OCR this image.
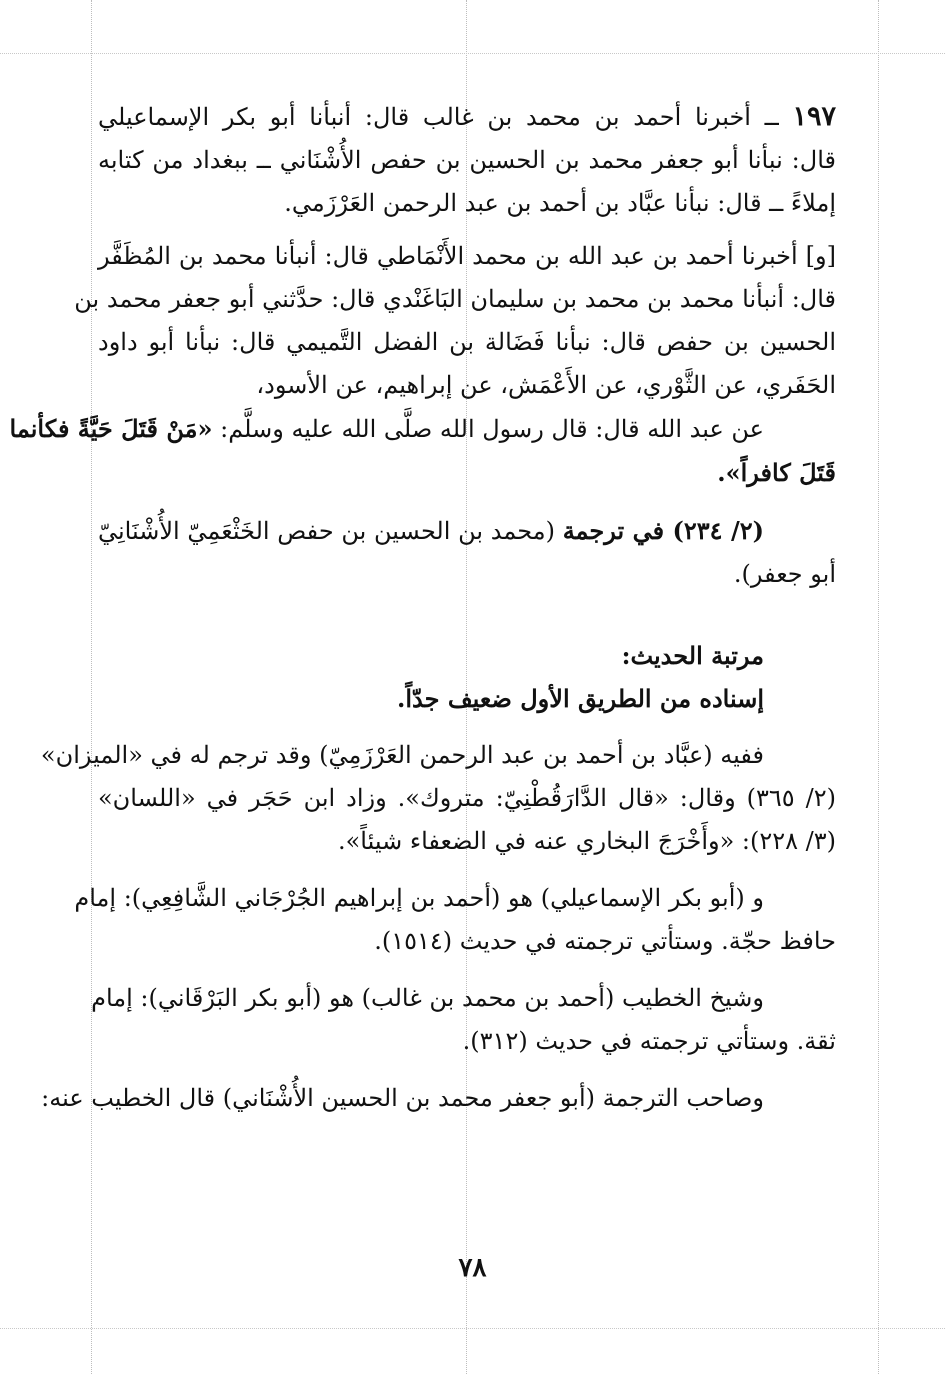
١٩٧ ــ أخبرنا أحمد بن محمد بن غالب قال: أنبأنا أبو بكر الإسماعيلي
قال: نبأنا أبو جعفر محمد بن الحسين بن حفص الأُشْنَاني ــ ببغداد من كتابه
إملاءً ــ قال: نبأنا عبَّاد بن أحمد بن عبد الرحمن العَرْزَمي.
[و] أخبرنا أحمد بن عبد الله بن محمد الأَنْمَاطي قال: أنبأنا محمد بن المُظَفَّر
قال: أنبأنا محمد بن محمد بن سليمان البَاغَنْدي قال: حدَّثني أبو جعفر محمد بن
الحسين بن حفص قال: نبأنا فَضَالة بن الفضل التَّميمي قال: نبأنا أبو داود
الحَفَري، عن الثَّوْري، عن الأَعْمَش، عن إبراهيم، عن الأسود،
عن عبد الله قال: قال رسول الله صلَّى الله عليه وسلَّم: «مَنْ قَتَلَ حَيَّةً فكأنما
قَتَلَ كافراً».
(٢/ ٢٣٤) في ترجمة (محمد بن الحسين بن حفص الخَثْعَمِيّ الأُشْنَانِيّ
أبو جعفر).
مرتبة الحديث:
إسناده من الطريق الأول ضعيف جدّاً.
ففيه (عبَّاد بن أحمد بن عبد الرحمن العَرْزَمِيّ) وقد ترجم له في «الميزان»
(٢/ ٣٦٥) وقال: «قال الدَّارَقُطْنِيّ: متروك». وزاد ابن حَجَر في «اللسان»
(٣/ ٢٢٨): «وأَخْرَجَ البخاري عنه في الضعفاء شيئاً».
و (أبو بكر الإسماعيلي) هو (أحمد بن إبراهيم الجُرْجَاني الشَّافِعِي): إمام
حافظ حجّة. وستأتي ترجمته في حديث (١٥١٤).
وشيخ الخطيب (أحمد بن محمد بن غالب) هو (أبو بكر البَرْقَاني): إمام
ثقة. وستأتي ترجمته في حديث (٣١٢).
وصاحب الترجمة (أبو جعفر محمد بن الحسين الأُشْنَاني) قال الخطيب عنه:
٧٨
